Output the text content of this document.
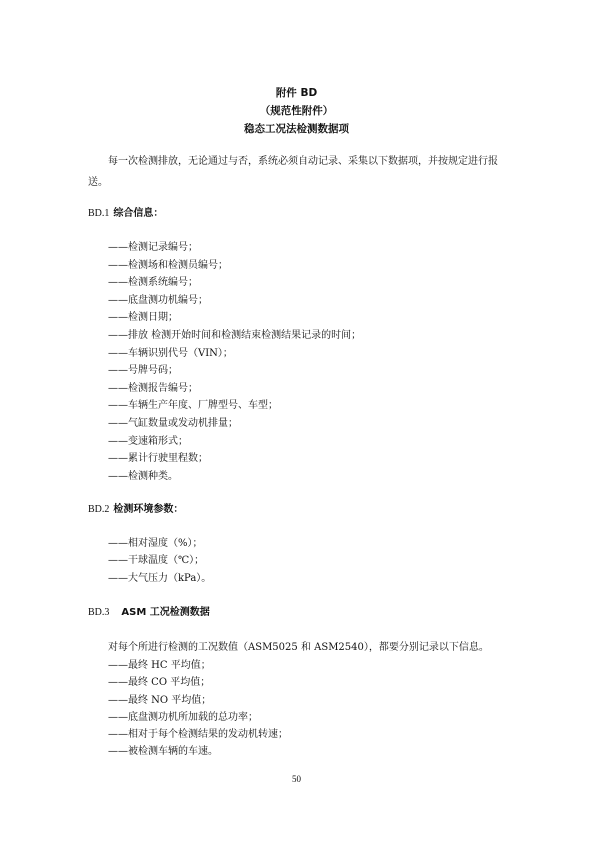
附件 BD
（规范性附件）
稳态工况法检测数据项
每一次检测排放，无论通过与否，系统必须自动记录、采集以下数据项，并按规定进行报送。
BD.1 综合信息：
——检测记录编号；
——检测场和检测员编号；
——检测系统编号；
——底盘测功机编号；
——检测日期；
——排放 检测开始时间和检测结束检测结果记录的时间；
——车辆识别代号（VIN）；
——号牌号码；
——检测报告编号；
——车辆生产年度、厂牌型号、车型；
——气缸数量或发动机排量；
——变速箱形式；
——累计行驶里程数；
——检测种类。
BD.2 检测环境参数：
——相对湿度（%）；
——干球温度（℃）；
——大气压力（kPa）。
BD.3 ASM 工况检测数据
对每个所进行检测的工况数值（ASM5025 和 ASM2540），都要分别记录以下信息。
——最终 HC 平均值；
——最终 CO 平均值；
——最终 NO 平均值；
——底盘测功机所加载的总功率；
——相对于每个检测结果的发动机转速；
——被检测车辆的车速。
50
